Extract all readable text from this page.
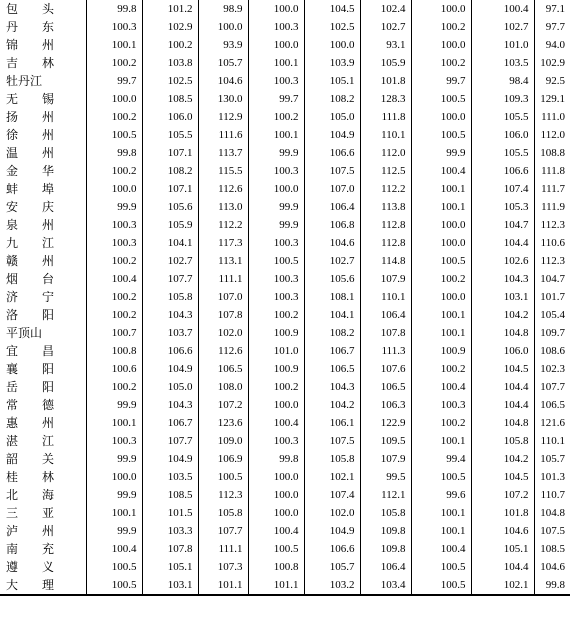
包　　头	99.8	101.2	98.9	100.0	104.5	102.4	100.0	100.4	97.1
丹　　东	100.3	102.9	100.0	100.3	102.5	102.7	100.2	102.7	97.7
锦　　州	100.1	100.2	93.9	100.0	100.0	93.1	100.0	101.0	94.0
吉　　林	100.2	103.8	105.7	100.1	103.9	105.9	100.2	103.5	102.9
牡丹江	99.7	102.5	104.6	100.3	105.1	101.8	99.7	98.4	92.5
无　　锡	100.0	108.5	130.0	99.7	108.2	128.3	100.5	109.3	129.1
扬　　州	100.2	106.0	112.9	100.2	105.0	111.8	100.0	105.5	111.0
徐　　州	100.5	105.5	111.6	100.1	104.9	110.1	100.5	106.0	112.0
温　　州	99.8	107.1	113.7	99.9	106.6	112.0	99.9	105.5	108.8
金　　华	100.2	108.2	115.5	100.3	107.5	112.5	100.4	106.6	111.8
蚌　　埠	100.0	107.1	112.6	100.0	107.0	112.2	100.1	107.4	111.7
安　　庆	99.9	105.6	113.0	99.9	106.4	113.8	100.1	105.3	111.9
泉　　州	100.3	105.9	112.2	99.9	106.8	112.8	100.0	104.7	112.3
九　　江	100.3	104.1	117.3	100.3	104.6	112.8	100.0	104.4	110.6
赣　　州	100.2	102.7	113.1	100.5	102.7	114.8	100.5	102.6	112.3
烟　　台	100.4	107.7	111.1	100.3	105.6	107.9	100.2	104.3	104.7
济　　宁	100.2	105.8	107.0	100.3	108.1	110.1	100.0	103.1	101.7
洛　　阳	100.2	104.3	107.8	100.2	104.1	106.4	100.1	104.2	105.4
平顶山	100.7	103.7	102.0	100.9	108.2	107.8	100.1	104.8	109.7
宜　　昌	100.8	106.6	112.6	101.0	106.7	111.3	100.9	106.0	108.6
襄　　阳	100.6	104.9	106.5	100.9	106.5	107.6	100.2	104.5	102.3
岳　　阳	100.2	105.0	108.0	100.2	104.3	106.5	100.4	104.4	107.7
常　　德	99.9	104.3	107.2	100.0	104.2	106.3	100.3	104.4	106.5
惠　　州	100.1	106.7	123.6	100.4	106.1	122.9	100.2	104.8	121.6
湛　　江	100.3	107.7	109.0	100.3	107.5	109.5	100.1	105.8	110.1
韶　　关	99.9	104.9	106.9	99.8	105.8	107.9	99.4	104.2	105.7
桂　　林	100.0	103.5	100.5	100.0	102.1	99.5	100.5	104.5	101.3
北　　海	99.9	108.5	112.3	100.0	107.4	112.1	99.6	107.2	110.7
三　　亚	100.1	101.5	105.8	100.0	102.0	105.8	100.1	101.8	104.8
泸　　州	99.9	103.3	107.7	100.4	104.9	109.8	100.1	104.6	107.5
南　　充	100.4	107.8	111.1	100.5	106.6	109.8	100.4	105.1	108.5
遵　　义	100.5	105.1	107.3	100.8	105.7	106.4	100.5	104.4	104.6
大　　理	100.5	103.1	101.1	101.1	103.2	103.4	100.5	102.1	99.8
